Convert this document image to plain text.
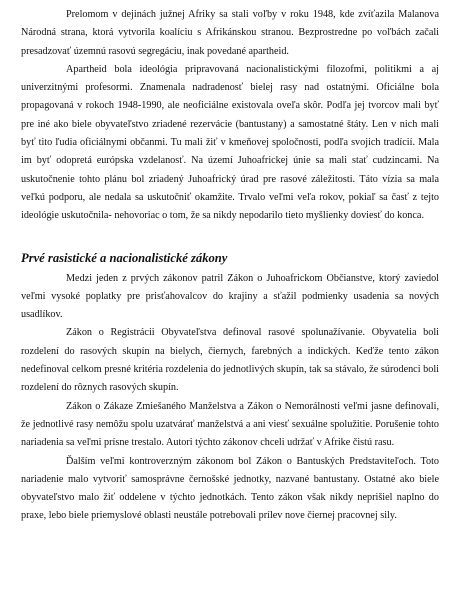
Prelomom v dejinách južnej Afriky sa stali voľby v roku 1948, kde zvíťazila Malanova Národná strana, ktorá vytvorila koalíciu s Afrikánskou stranou. Bezprostredne po voľbách začali presadzovať územnú rasovú segregáciu, inak povedané apartheid.

Apartheid bola ideológia pripravovaná nacionalistickými filozofmi, politikmi a aj univerzitnými profesormi. Znamenala nadradenosť bielej rasy nad ostatnými. Oficiálne bola propagovaná v rokoch 1948-1990, ale neoficiálne existovala oveľa skôr. Podľa jej tvorcov mali byť pre iné ako biele obyvateľstvo zriadené rezervácie (bantustany) a samostatné štáty. Len v nich mali byť tito ľudia oficiálnymi občanmi. Tu mali žiť v kmeňovej spoločnosti, podľa svojich tradícií. Mala im byť odopretá európska vzdelanosť. Na území Juhoafrickej únie sa mali stať cudzincami. Na uskutočnenie tohto plánu bol zriadený Juhoafrický úrad pre rasové záležitosti. Táto vízia sa mala veľkú podporu, ale nedala sa uskutočniť okamžite. Trvalo veľmi veľa rokov, pokiaľ sa časť z tejto ideológie uskutočnila- nehovoriac o tom, že sa nikdy nepodarilo tieto myšlienky doviesť do konca.

Prvé rasistické a nacionalistické zákony

Medzi jeden z prvých zákonov patril Zákon o Juhoafrickom Občianstve, ktorý zaviedol veľmi vysoké poplatky pre prisťahovalcov do krajiny a sťažil podmienky usadenia sa nových usadlíkov.

Zákon o Registrácii Obyvateľstva definoval rasové spolunažívanie. Obyvatelia boli rozdelení do rasových skupín na bielych, čiernych, farebných a indických. Keďže tento zákon nedefinoval celkom presné kritéria rozdelenia do jednotlivých skupín, tak sa stávalo, že súrodenci boli rozdelení do rôznych rasových skupín.

Zákon o Zákaze Zmiešaného Manželstva a Zákon o Nemorálnosti veľmi jasne definovali, že jednotlivé rasy nemôžu spolu uzatvárať manželstvá a ani viesť sexuálne spolužitie. Porušenie tohto nariadenia sa veľmi prísne trestalo. Autori týchto zákonov chceli udržať v Afrike čistú rasu.

Ďalším veľmi kontroverzným zákonom bol Zákon o Bantuských Predstaviteľoch. Toto nariadenie malo vytvoriť samosprávne černošské jednotky, nazvané bantustany. Ostatné ako biele obyvateľstvo malo žiť oddelene v týchto jednotkách. Tento zákon však nikdy neprišiel naplno do praxe, lebo biele priemyslové oblasti neustále potrebovali prílev nove čiernej pracovnej sily.
